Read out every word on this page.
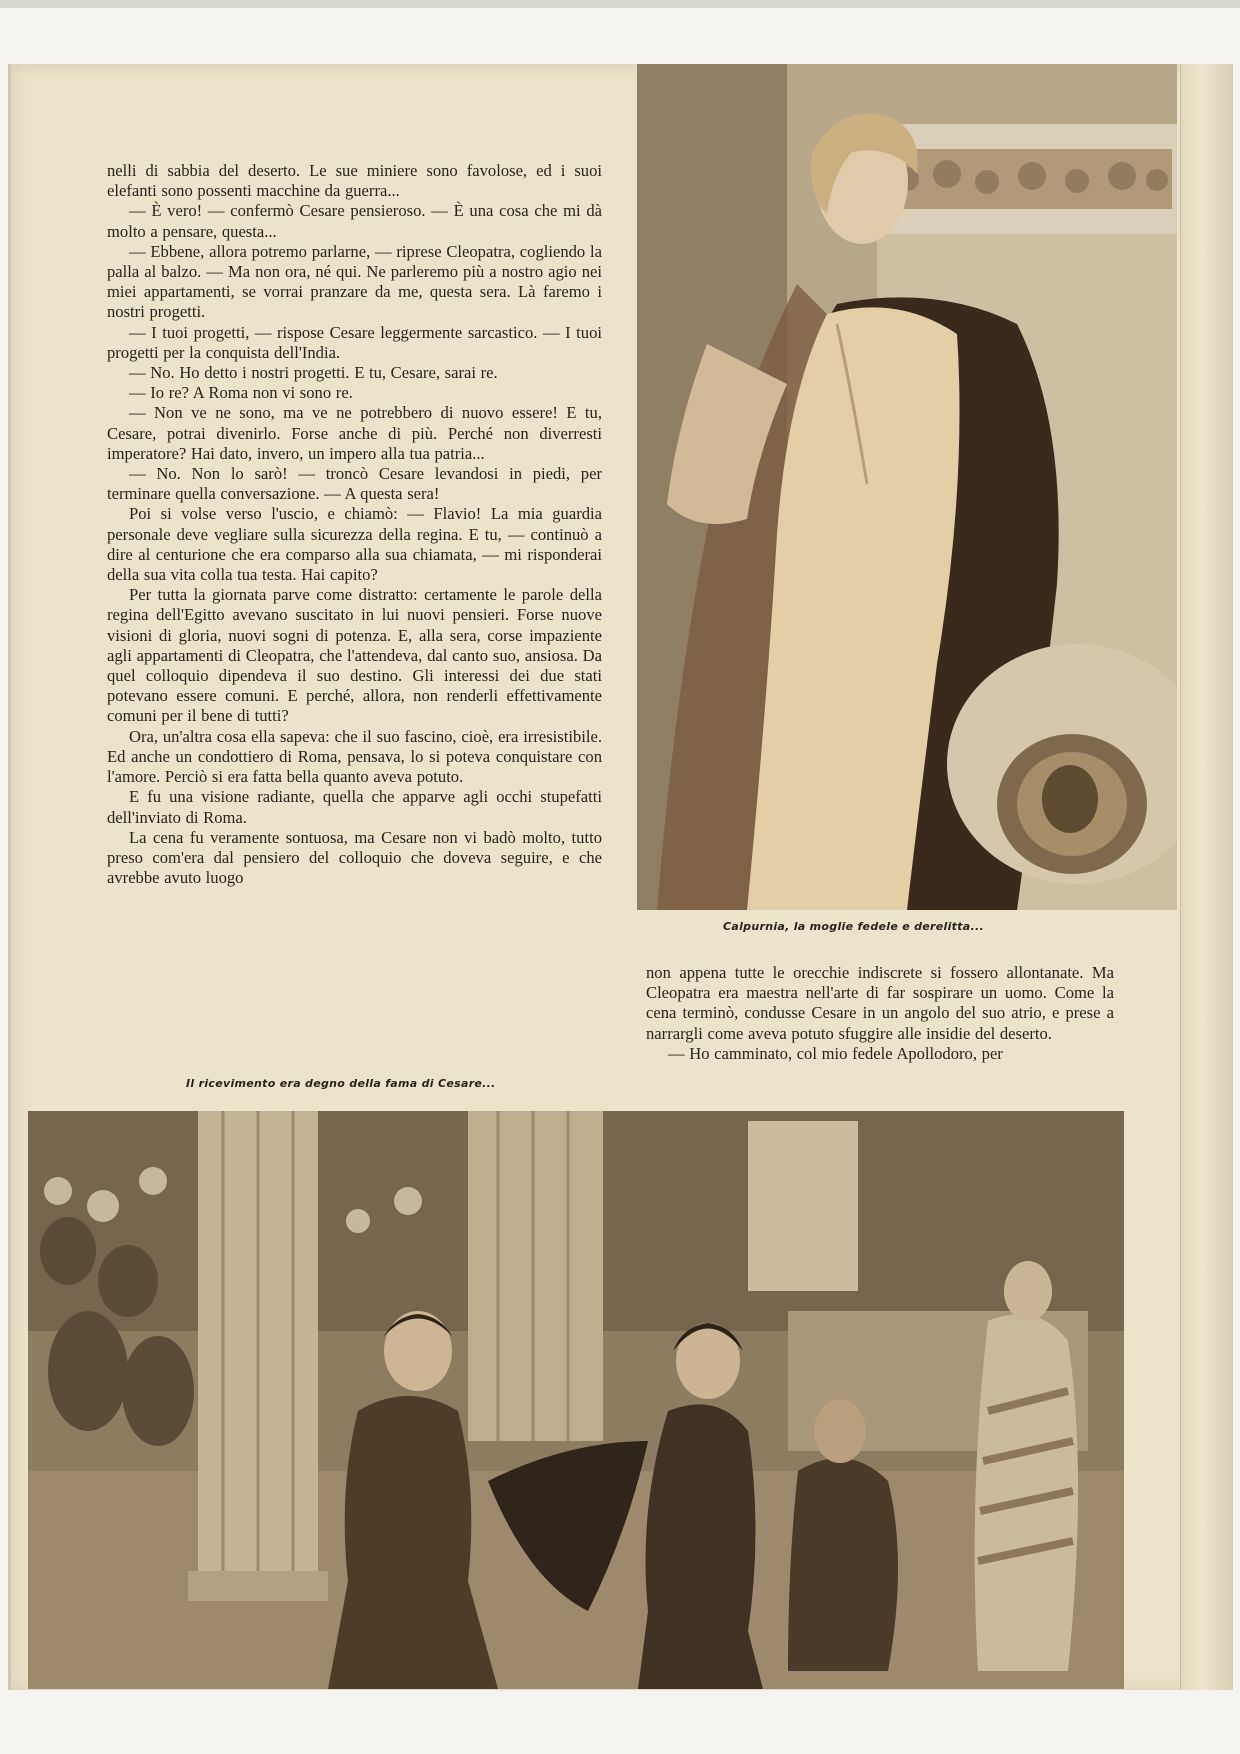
nelli di sabbia del deserto. Le sue miniere sono favolose, ed i suoi elefanti sono possenti macchine da guerra...

— È vero! — confermò Cesare pensieroso. — È una cosa che mi dà molto a pensare, questa...

— Ebbene, allora potremo parlarne, — riprese Cleopatra, cogliendo la palla al balzo. — Ma non ora, né qui. Ne parleremo più a nostro agio nei miei appartamenti, se vorrai pranzare da me, questa sera. Là faremo i nostri progetti.

— I tuoi progetti, — rispose Cesare leggermente sarcastico. — I tuoi progetti per la conquista dell'India.

— No. Ho detto i nostri progetti. E tu, Cesare, sarai re.

— Io re? A Roma non vi sono re.

— Non ve ne sono, ma ve ne potrebbero di nuovo essere! E tu, Cesare, potrai divenirlo. Forse anche di più. Perché non diverresti imperatore? Hai dato, invero, un impero alla tua patria...

— No. Non lo sarò! — troncò Cesare levandosi in piedi, per terminare quella conversazione. — A questa sera!

Poi si volse verso l'uscio, e chiamò: — Flavio! La mia guardia personale deve vegliare sulla sicurezza della regina. E tu, — continuò a dire al centurione che era comparso alla sua chiamata, — mi risponderai della sua vita colla tua testa. Hai capito?

Per tutta la giornata parve come distratto: certamente le parole della regina dell'Egitto avevano suscitato in lui nuovi pensieri. Forse nuove visioni di gloria, nuovi sogni di potenza. E, alla sera, corse impaziente agli appartamenti di Cleopatra, che l'attendeva, dal canto suo, ansiosa. Da quel colloquio dipendeva il suo destino. Gli interessi dei due stati potevano essere comuni. E perché, allora, non renderli effettivamente comuni per il bene di tutti?

Ora, un'altra cosa ella sapeva: che il suo fascino, cioè, era irresistibile. Ed anche un condottiero di Roma, pensava, lo si poteva conquistare con l'amore. Perciò si era fatta bella quanto aveva potuto.

E fu una visione radiante, quella che apparve agli occhi stupefatti dell'inviato di Roma.

La cena fu veramente sontuosa, ma Cesare non vi badò molto, tutto preso com'era dal pensiero del colloquio che doveva seguire, e che avrebbe avuto luogo

Calpurnia, la moglie fedele e derelitta...

non appena tutte le orecchie indiscrete si fossero allontanate. Ma Cleopatra era maestra nell'arte di far sospirare un uomo. Come la cena terminò, condusse Cesare in un angolo del suo atrio, e prese a narrargli come aveva potuto sfuggire alle insidie del deserto.

— Ho camminato, col mio fedele Apollodoro, per

Il ricevimento era degno della fama di Cesare...
